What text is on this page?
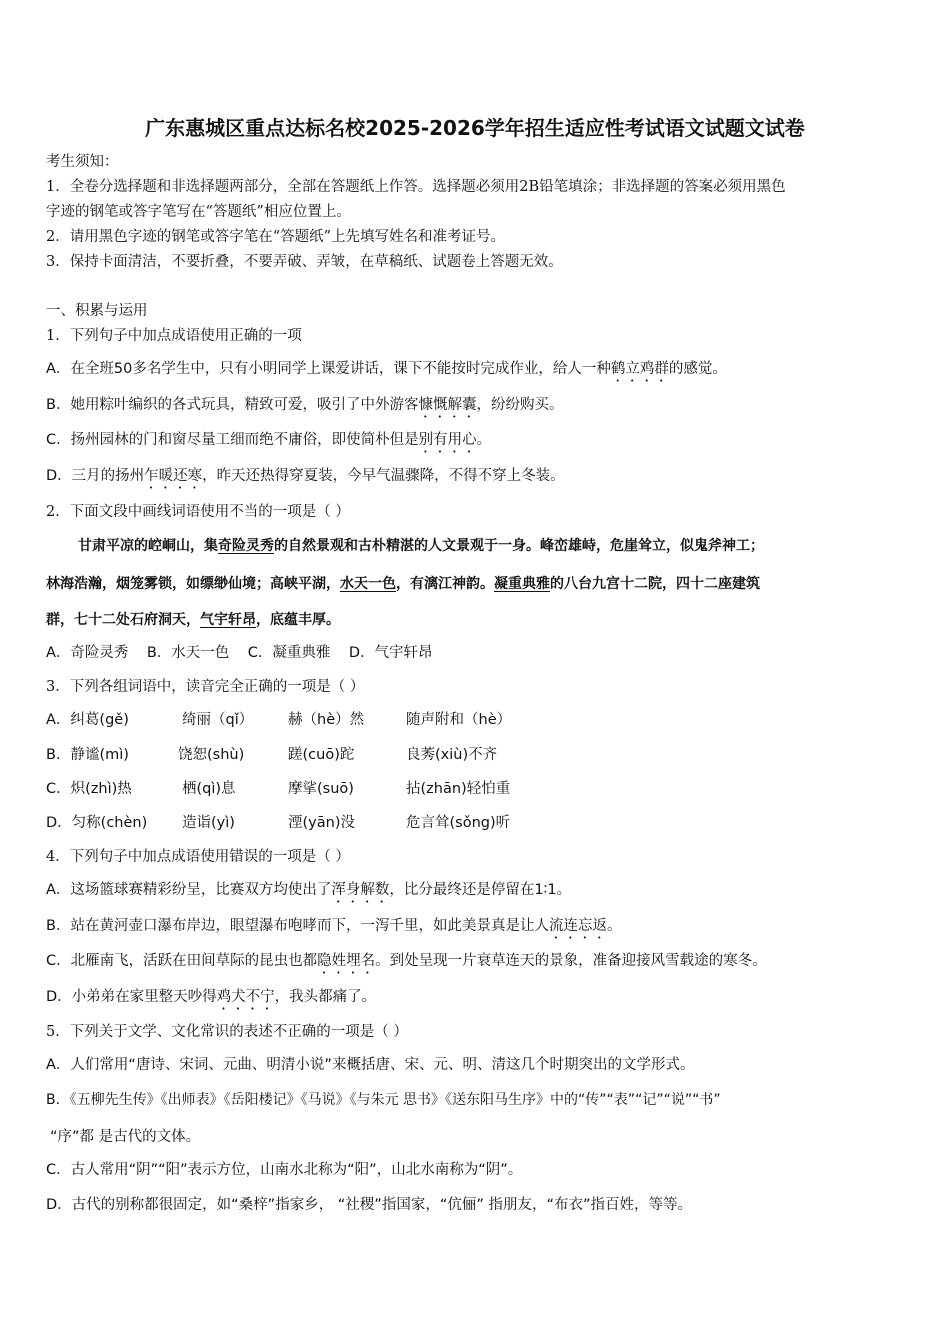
广东惠城区重点达标名校2025-2026学年招生适应性考试语文试题文试卷
考生须知：
1．全卷分选择题和非选择题两部分，全部在答题纸上作答。选择题必须用2B铅笔填涂；非选择题的答案必须用黑色
字迹的钢笔或答字笔写在“答题纸”相应位置上。
2．请用黑色字迹的钢笔或答字笔在“答题纸”上先填写姓名和准考证号。
3．保持卡面清洁，不要折叠，不要弄破、弄皱，在草稿纸、试题卷上答题无效。
一、积累与运用
1．下列句子中加点成语使用正确的一项
A．在全班50多名学生中，只有小明同学上课爱讲话，课下不能按时完成作业，给人一种鹤立鸡群的感觉。
B．她用粽叶编织的各式玩具，精致可爱，吸引了中外游客慷慨解囊，纷纷购买。
C．扬州园林的门和窗尽量工细而绝不庸俗，即使简朴但是别有用心。
D．三月的扬州乍暖还寒，昨天还热得穿夏装，今早气温骤降，不得不穿上冬装。
2．下面文段中画线词语使用不当的一项是（ ）
甘肃平凉的崆峒山，集奇险灵秀的自然景观和古朴精湛的人文景观于一身。峰峦雄峙，危崖耸立，似鬼斧神工；
林海浩瀚，烟笼雾锁，如缥缈仙境；高峡平湖，水天一色，有漓江神韵。凝重典雅的八台九宫十二院，四十二座建筑
群，七十二处石府洞天，气宇轩昂，底蕴丰厚。
A．奇险灵秀 B．水天一色 C．凝重典雅 D．气宇轩昂
3．下列各组词语中，读音完全正确的一项是（ ）
A．纠葛(gě)	绮丽（qǐ） 赫（hè）然	随声附和（hè）
B．静谧(mì)	饶恕(shù)	蹉(cuō)跎	良莠(xiù)不齐
C．炽(zhì)热	栖(qì)息	摩挲(suō)	拈(zhān)轻怕重
D．匀称(chèn) 造诣(yì)	湮(yān)没	危言耸(sǒng)听
4．下列句子中加点成语使用错误的一项是（ ）
A．这场篮球赛精彩纷呈，比赛双方均使出了浑身解数，比分最终还是停留在1∶1。
B．站在黄河壶口瀑布岸边，眼望瀑布咆哮而下，一泻千里，如此美景真是让人流连忘返。
C．北雁南飞，活跃在田间草际的昆虫也都隐姓埋名。到处呈现一片衰草连天的景象，准备迎接风雪载途的寒冬。
D．小弟弟在家里整天吵得鸡犬不宁，我头都痛了。
5．下列关于文学、文化常识的表述不正确的一项是（ ）
A．人们常用“唐诗、宋词、元曲、明清小说”来概括唐、宋、元、明、清这几个时期突出的文学形式。
B．《五柳先生传》《出师表》《岳阳楼记》《马说》《与朱元 思书》《送东阳马生序》中的“传”“表”“记”“说”“书”
“序”都 是古代的文体。
C．古人常用“阴”“阳”表示方位，山南水北称为“阳”，山北水南称为“阴”。
D．古代的别称都很固定，如“桑梓”指家乡， “社稷”指国家，“伉俪” 指朋友，“布衣”指百姓，等等。
